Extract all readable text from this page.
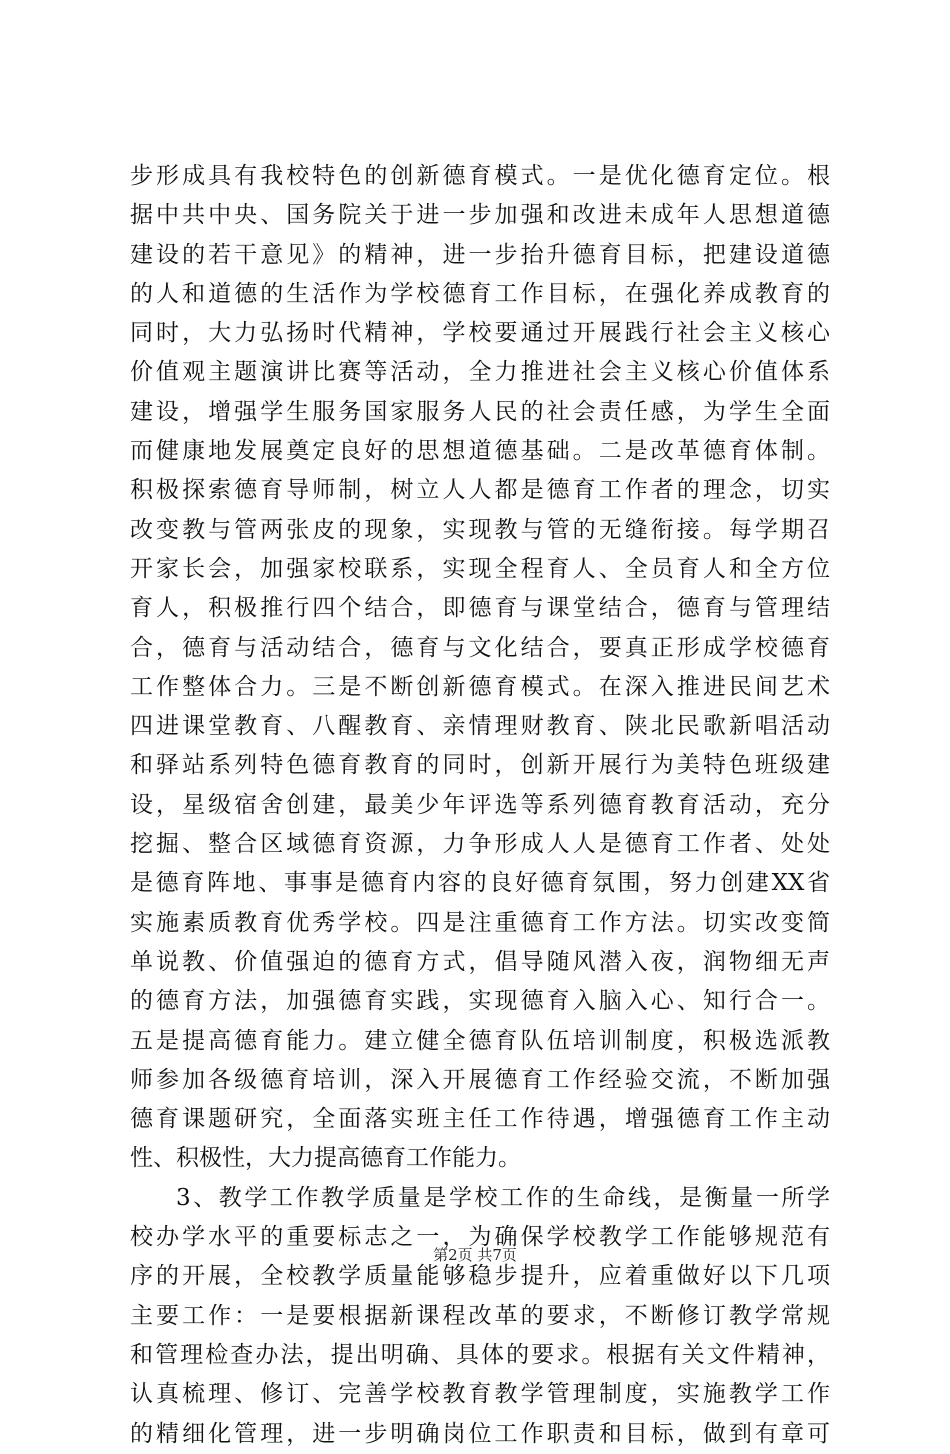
步形成具有我校特色的创新德育模式。一是优化德育定位。根
据中共中央、国务院关于进一步加强和改进未成年人思想道德
建设的若干意见》的精神，进一步抬升德育目标，把建设道德
的人和道德的生活作为学校德育工作目标，在强化养成教育的
同时，大力弘扬时代精神，学校要通过开展践行社会主义核心
价值观主题演讲比赛等活动，全力推进社会主义核心价值体系
建设，增强学生服务国家服务人民的社会责任感，为学生全面
而健康地发展奠定良好的思想道德基础。二是改革德育体制。
积极探索德育导师制，树立人人都是德育工作者的理念，切实
改变教与管两张皮的现象，实现教与管的无缝衔接。每学期召
开家长会，加强家校联系，实现全程育人、全员育人和全方位
育人，积极推行四个结合，即德育与课堂结合，德育与管理结
合，德育与活动结合，德育与文化结合，要真正形成学校德育
工作整体合力。三是不断创新德育模式。在深入推进民间艺术
四进课堂教育、八醒教育、亲情理财教育、陕北民歌新唱活动
和驿站系列特色德育教育的同时，创新开展行为美特色班级建
设，星级宿舍创建，最美少年评选等系列德育教育活动，充分
挖掘、整合区域德育资源，力争形成人人是德育工作者、处处
是德育阵地、事事是德育内容的良好德育氛围，努力创建XX省
实施素质教育优秀学校。四是注重德育工作方法。切实改变简
单说教、价值强迫的德育方式，倡导随风潜入夜，润物细无声
的德育方法，加强德育实践，实现德育入脑入心、知行合一。
五是提高德育能力。建立健全德育队伍培训制度，积极选派教
师参加各级德育培训，深入开展德育工作经验交流，不断加强
德育课题研究，全面落实班主任工作待遇，增强德育工作主动
性、积极性，大力提高德育工作能力。
3、教学工作教学质量是学校工作的生命线，是衡量一所学
校办学水平的重要标志之一，为确保学校教学工作能够规范有
序的开展，全校教学质量能够稳步提升，应着重做好以下几项
主要工作：一是要根据新课程改革的要求，不断修订教学常规
和管理检查办法，提出明确、具体的要求。根据有关文件精神，
认真梳理、修订、完善学校教育教学管理制度，实施教学工作
的精细化管理，进一步明确岗位工作职责和目标，做到有章可
第2页 共7页
